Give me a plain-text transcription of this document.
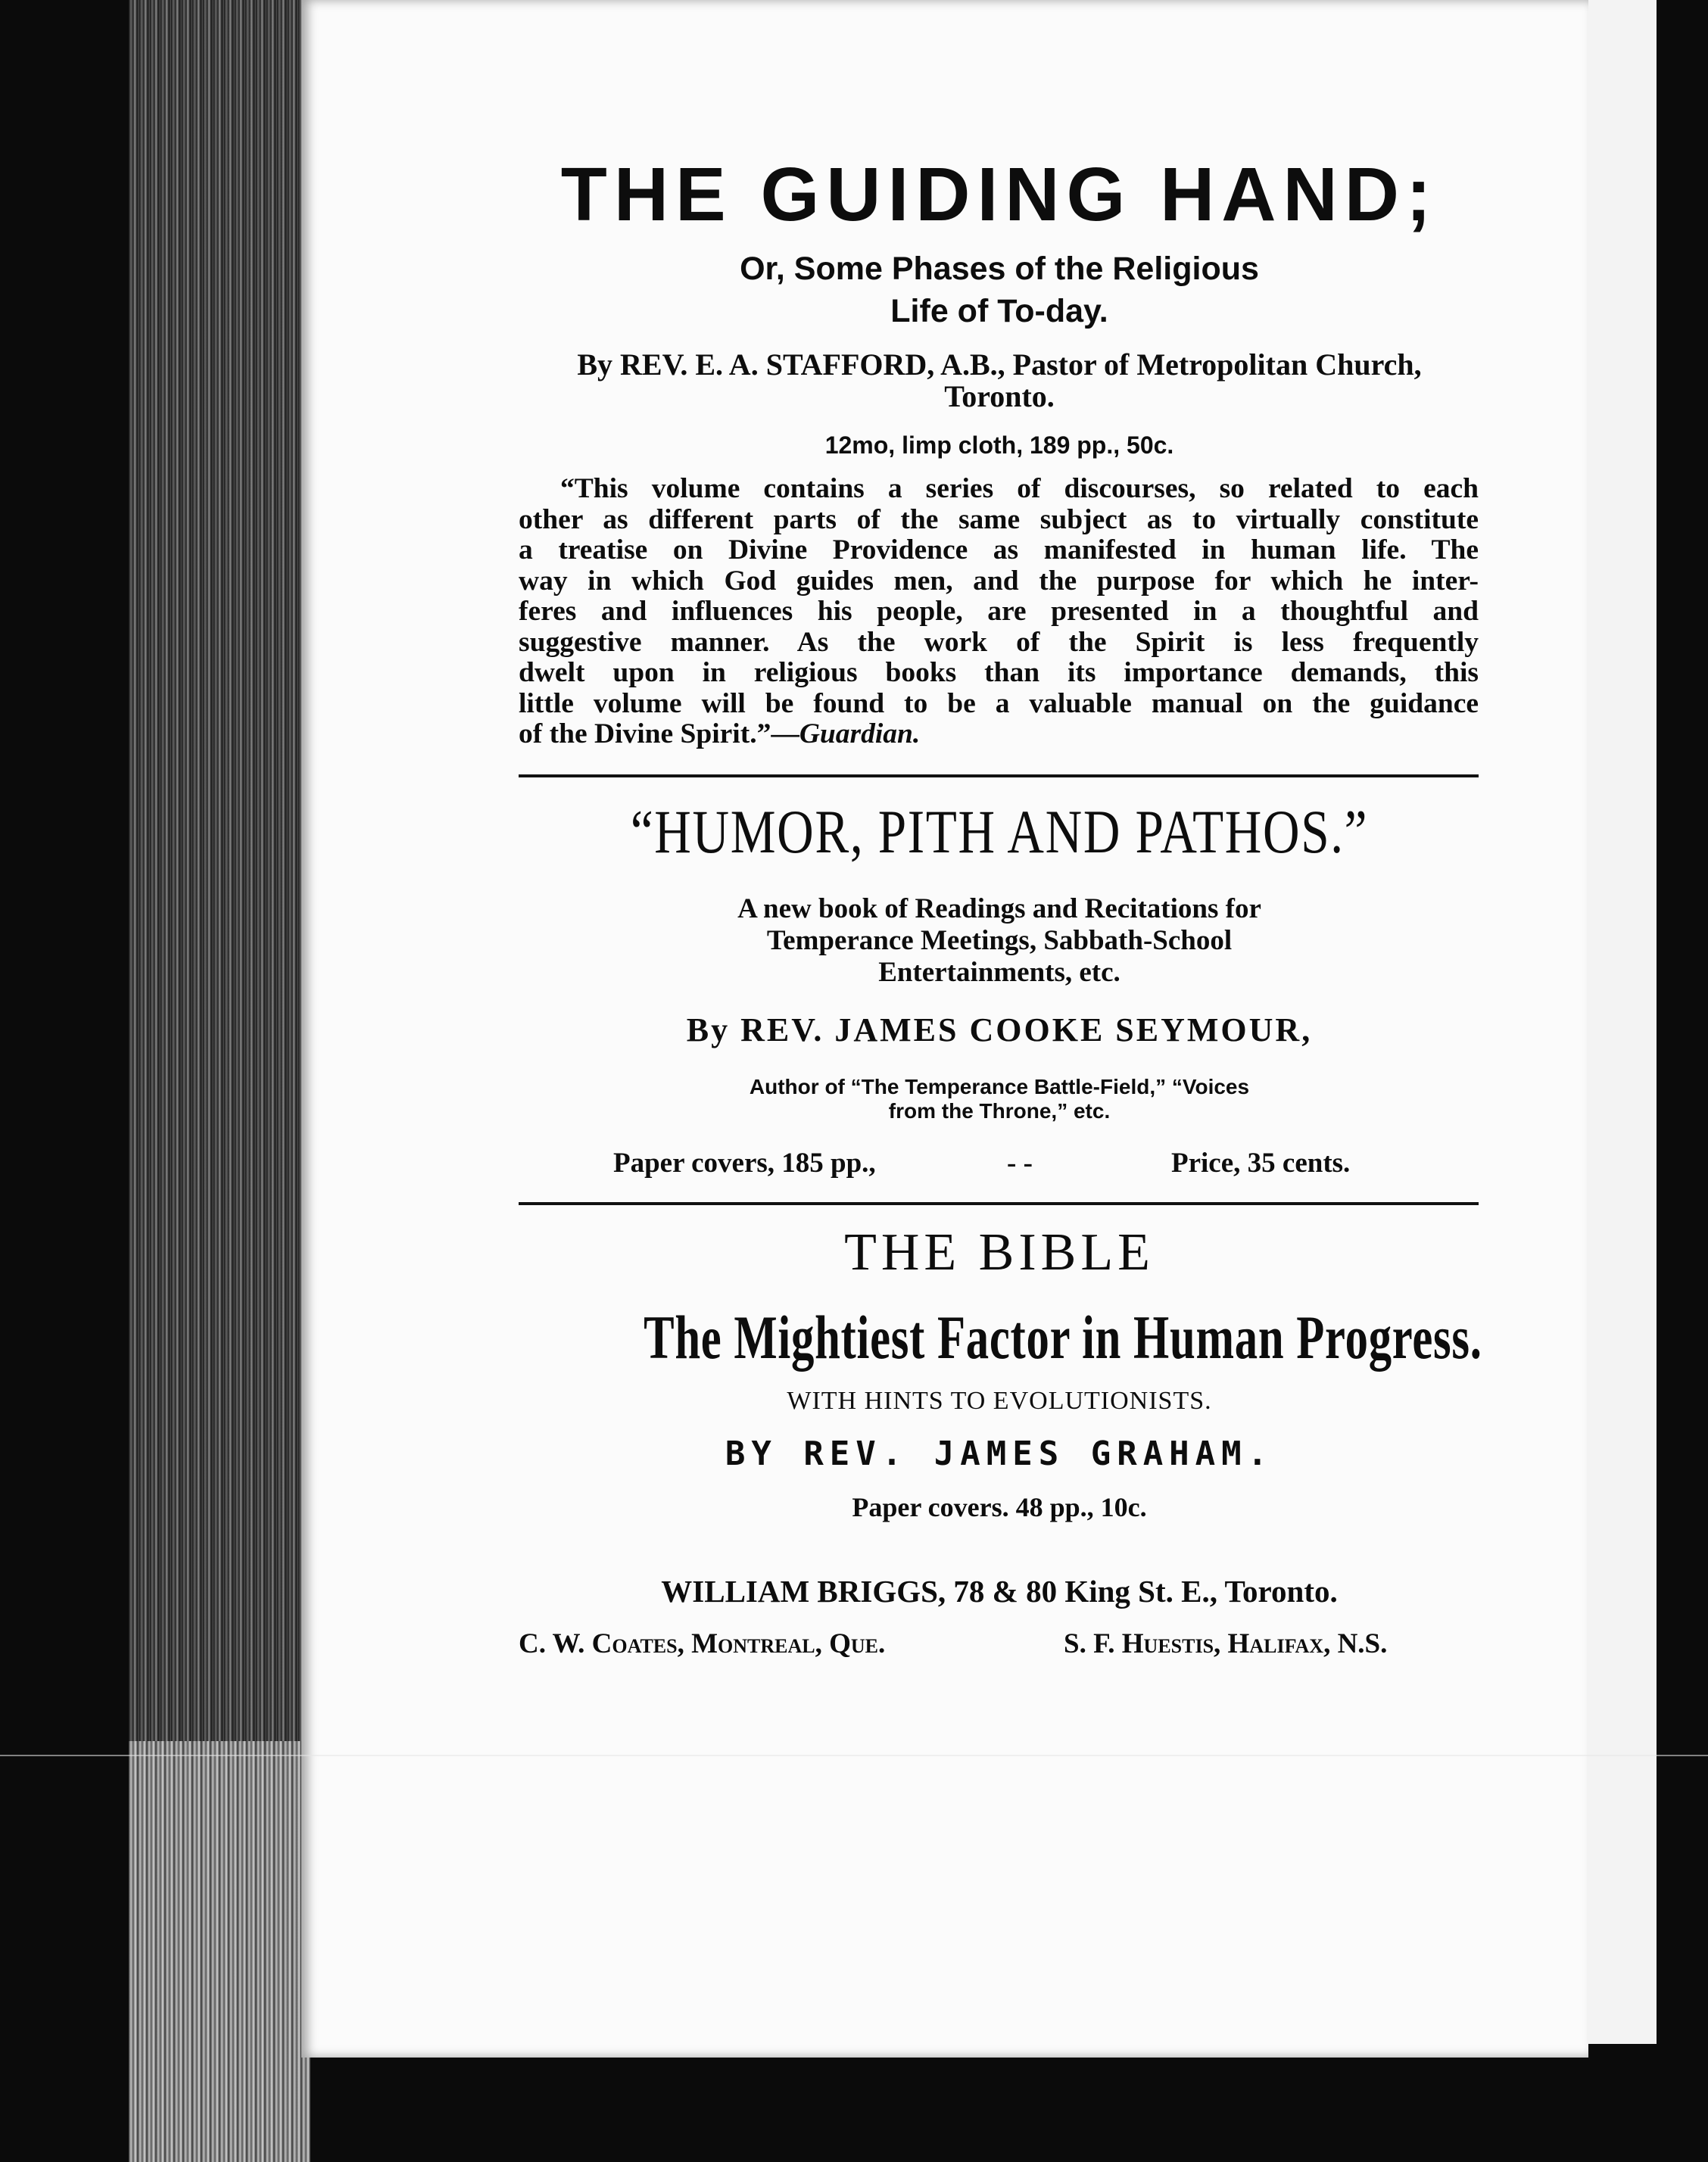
THE GUIDING HAND;
Or, Some Phases of the Religious
Life of To-day.
By REV. E. A. STAFFORD, A.B., Pastor of Metropolitan Church,
Toronto.
12mo, limp cloth, 189 pp., 50c.
“This volume contains a series of discourses, so related to each
other as different parts of the same subject as to virtually constitute
a treatise on Divine Providence as manifested in human life. The
way in which God guides men, and the purpose for which he inter-
feres and influences his people, are presented in a thoughtful and
suggestive manner. As the work of the Spirit is less frequently
dwelt upon in religious books than its importance demands, this
little volume will be found to be a valuable manual on the guidance
of the Divine Spirit.”—Guardian.
“HUMOR, PITH AND PATHOS.”
A new book of Readings and Recitations for
Temperance Meetings, Sabbath-School
Entertainments, etc.
By REV. JAMES COOKE SEYMOUR,
Author of “The Temperance Battle-Field,” “Voices
from the Throne,” etc.
Paper covers, 185 pp.,	- -	Price, 35 cents.
THE BIBLE
The Mightiest Factor in Human Progress.
WITH HINTS TO EVOLUTIONISTS.
BY REV. JAMES GRAHAM.
Paper covers. 48 pp., 10c.
WILLIAM BRIGGS, 78 & 80 King St. E., Toronto.
C. W. Coates, Montreal, Que.	S. F. Huestis, Halifax, N.S.
